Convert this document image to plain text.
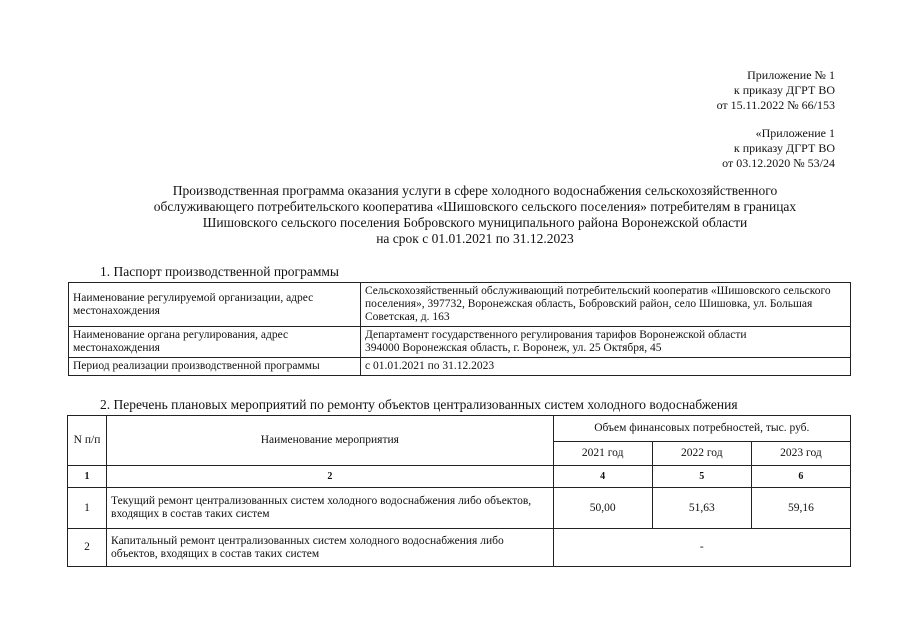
Приложение № 1
к приказу ДГРТ ВО
от 15.11.2022 № 66/153
«Приложение 1
к приказу ДГРТ ВО
от 03.12.2020 № 53/24
Производственная программа оказания услуги в сфере холодного водоснабжения сельскохозяйственного
обслуживающего потребительского кооператива «Шишовского сельского поселения» потребителям в границах
Шишовского сельского поселения Бобровского муниципального района Воронежской области
на срок с 01.01.2021 по 31.12.2023
1. Паспорт производственной программы
Наименование регулируемой организации, адрес местонахождения	Сельскохозяйственный обслуживающий потребительский кооператив «Шишовского сельского поселения», 397732, Воронежская область, Бобровский район, село Шишовка, ул. Большая Советская, д. 163
Наименование органа регулирования, адрес местонахождения	Департамент государственного регулирования тарифов Воронежской области
394000 Воронежская область, г. Воронеж, ул. 25 Октября, 45

Период реализации производственной программы	с 01.01.2021 по 31.12.2023
2. Перечень плановых мероприятий по ремонту объектов централизованных систем холодного водоснабжения
N п/п	Наименование мероприятия	Объем финансовых потребностей, тыс. руб.		
		2021 год	2022 год	2023 год
1	2	4	5	6
1	Текущий ремонт централизованных систем холодного водоснабжения либо объектов, входящих в состав таких систем	50,00	51,63	59,16
2	Капитальный ремонт централизованных систем холодного водоснабжения либо объектов, входящих в состав таких систем	-		
